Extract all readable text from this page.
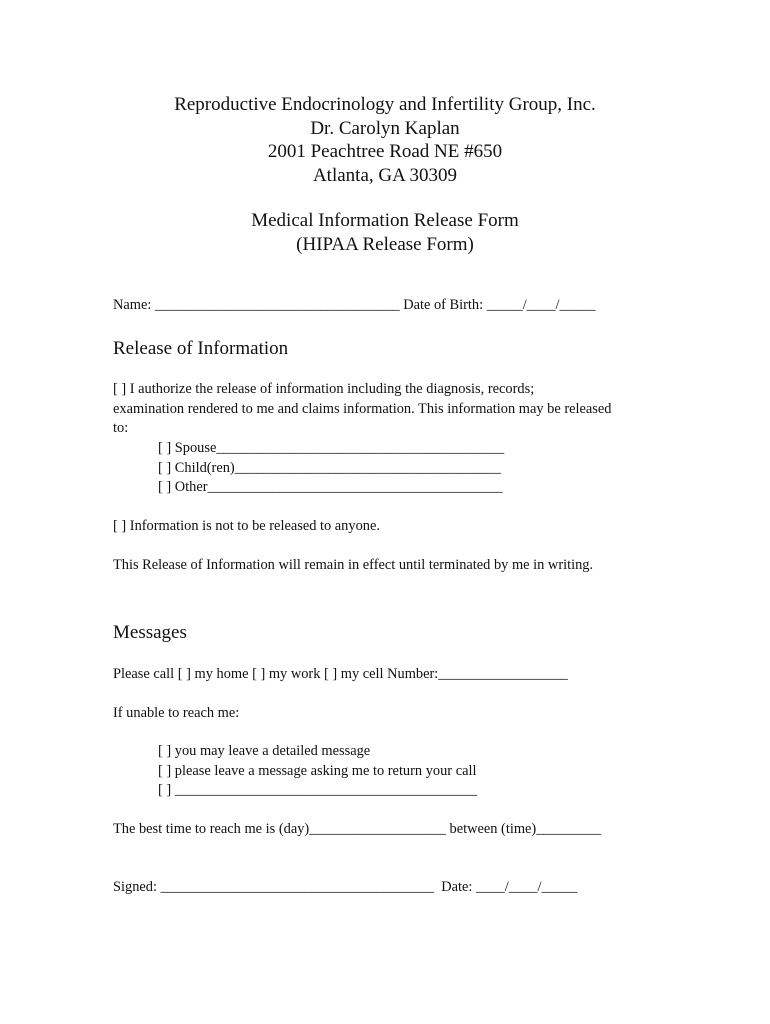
Reproductive Endocrinology and Infertility Group, Inc.
Dr. Carolyn Kaplan
2001 Peachtree Road NE #650
Atlanta, GA 30309
Medical Information Release Form
(HIPAA Release Form)
Name: __________________________________ Date of Birth: _____/____/_____
Release of Information
[ ] I authorize the release of information including the diagnosis, records;
examination rendered to me and claims information. This information may be released
to:
[ ] Spouse________________________________________
[ ] Child(ren)_____________________________________
[ ] Other_________________________________________
[ ] Information is not to be released to anyone.
This Release of Information will remain in effect until terminated by me in writing.
Messages
Please call [ ] my home [ ] my work [ ] my cell Number:__________________
If unable to reach me:
[ ] you may leave a detailed message
[ ] please leave a message asking me to return your call
[ ] __________________________________________
The best time to reach me is (day)___________________ between (time)_________
Signed: ______________________________________  Date: ____/____/_____
